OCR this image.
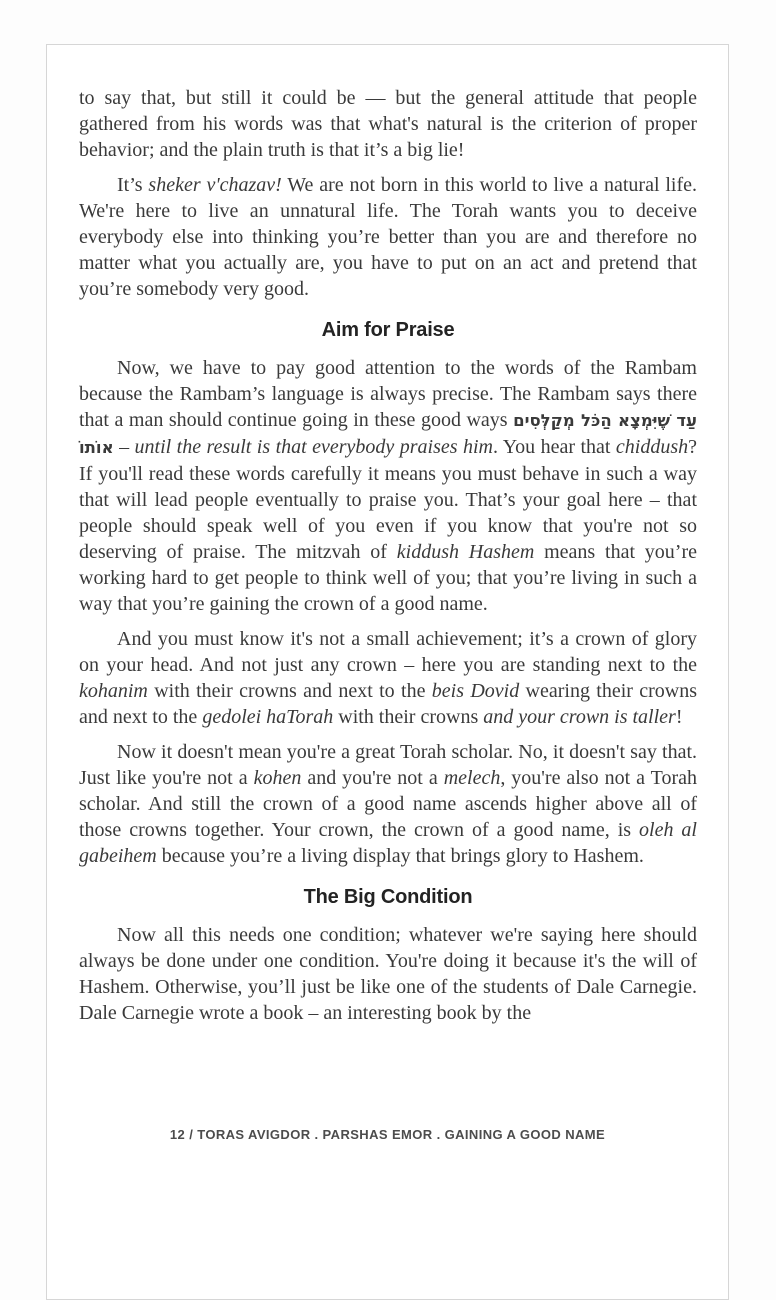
to say that, but still it could be — but the general attitude that people gathered from his words was that what's natural is the criterion of proper behavior; and the plain truth is that it’s a big lie!

It’s sheker v'chazav! We are not born in this world to live a natural life. We're here to live an unnatural life. The Torah wants you to deceive everybody else into thinking you’re better than you are and therefore no matter what you actually are, you have to put on an act and pretend that you’re somebody very good.

Aim for Praise

Now, we have to pay good attention to the words of the Rambam because the Rambam’s language is always precise. The Rambam says there that a man should continue going in these good ways עַד שֶׁיִּמְצָא הַכֹּל מְקַלְּסִים אוֹתוֹ – until the result is that everybody praises him. You hear that chiddush? If you'll read these words carefully it means you must behave in such a way that will lead people eventually to praise you. That’s your goal here – that people should speak well of you even if you know that you're not so deserving of praise. The mitzvah of kiddush Hashem means that you’re working hard to get people to think well of you; that you’re living in such a way that you’re gaining the crown of a good name.

And you must know it's not a small achievement; it’s a crown of glory on your head. And not just any crown – here you are standing next to the kohanim with their crowns and next to the beis Dovid wearing their crowns and next to the gedolei haTorah with their crowns and your crown is taller!

Now it doesn't mean you're a great Torah scholar. No, it doesn't say that. Just like you're not a kohen and you're not a melech, you're also not a Torah scholar. And still the crown of a good name ascends higher above all of those crowns together. Your crown, the crown of a good name, is oleh al gabeihem because you’re a living display that brings glory to Hashem.

The Big Condition

Now all this needs one condition; whatever we're saying here should always be done under one condition. You're doing it because it's the will of Hashem. Otherwise, you’ll just be like one of the students of Dale Carnegie. Dale Carnegie wrote a book – an interesting book by the

12 / TORAS AVIGDOR . PARSHAS EMOR . GAINING A GOOD NAME
